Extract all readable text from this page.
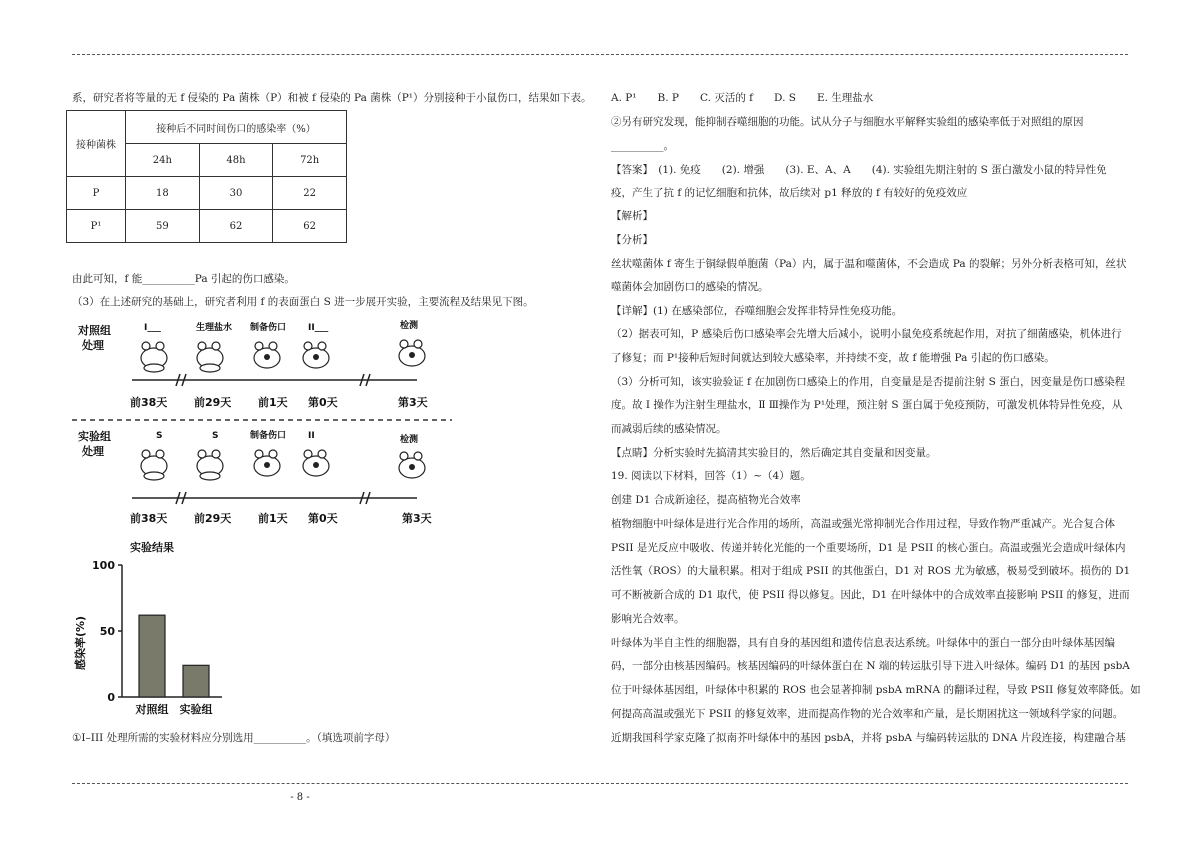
系，研究者将等量的无 f 侵染的 Pa 菌株（P）和被 f 侵染的 Pa 菌株（P¹）分别接种于小鼠伤口，结果如下表。
接种菌株	接种后不同时间伤口的感染率（%）		
	24h	48h	72h
P	18	30	22
P¹	59	62	62
由此可知，f 能__________Pa 引起的伤口感染。
（3）在上述研究的基础上，研究者利用 f 的表面蛋白 S 进一步展开实验，主要流程及结果见下图。
对照组
处理
I___	生理盐水 制备伤口 II___	检测
前38天 前29天 前1天 第0天	第3天
实验组
处理
S	S	制备伤口 II	检测
前38天 前29天 前1天 第0天	第3天
实验结果
感染率(%)
0
50
100
对照组 实验组
①I–III 处理所需的实验材料应分别选用__________。（填选项前字母）
A. P¹　　B. P　　C. 灭活的 f　　D. S　　E. 生理盐水
②另有研究发现，能抑制吞噬细胞的功能。试从分子与细胞水平解释实验组的感染率低于对照组的原因
__________。
【答案】　(1). 免疫　　(2). 增强　　(3). E、A、A　　(4). 实验组先期注射的 S 蛋白激发小鼠的特异性免
疫，产生了抗 f 的记忆细胞和抗体，故后续对 p1 释放的 f 有较好的免疫效应
【解析】
【分析】
丝状噬菌体 f 寄生于铜绿假单胞菌（Pa）内，属于温和噬菌体，不会造成 Pa 的裂解；另外分析表格可知，丝状
噬菌体会加剧伤口的感染的情况。
【详解】(1) 在感染部位，吞噬细胞会发挥非特异性免疫功能。
（2）据表可知，P 感染后伤口感染率会先增大后减小，说明小鼠免疫系统起作用，对抗了细菌感染，机体进行
了修复；而 P¹接种后短时间就达到较大感染率，并持续不变，故 f 能增强 Pa 引起的伤口感染。
（3）分析可知，该实验验证 f 在加剧伤口感染上的作用，自变量是是否提前注射 S 蛋白，因变量是伤口感染程
度。故 I 操作为注射生理盐水，Ⅱ Ⅲ操作为 P¹处理，预注射 S 蛋白属于免疫预防，可激发机体特异性免疫，从
而减弱后续的感染情况。
【点睛】分析实验时先搞清其实验目的，然后确定其自变量和因变量。
19. 阅读以下材料，回答（1）~（4）题。
创建 D1 合成新途径，提高植物光合效率
植物细胞中叶绿体是进行光合作用的场所，高温或强光常抑制光合作用过程，导致作物严重减产。光合复合体
PSII 是光反应中吸收、传递并转化光能的一个重要场所，D1 是 PSII 的核心蛋白。高温或强光会造成叶绿体内
活性氧（ROS）的大量积累。相对于组成 PSII 的其他蛋白，D1 对 ROS 尤为敏感，极易受到破坏。损伤的 D1
可不断被新合成的 D1 取代，使 PSII 得以修复。因此，D1 在叶绿体中的合成效率直接影响 PSII 的修复，进而
影响光合效率。
叶绿体为半自主性的细胞器，具有自身的基因组和遗传信息表达系统。叶绿体中的蛋白一部分由叶绿体基因编
码，一部分由核基因编码。核基因编码的叶绿体蛋白在 N 端的转运肽引导下进入叶绿体。编码 D1 的基因 psbA
位于叶绿体基因组，叶绿体中积累的 ROS 也会显著抑制 psbA mRNA 的翻译过程，导致 PSII 修复效率降低。如
何提高高温或强光下 PSII 的修复效率，进而提高作物的光合效率和产量，是长期困扰这一领域科学家的问题。
近期我国科学家克隆了拟南芥叶绿体中的基因 psbA，并将 psbA 与编码转运肽的 DNA 片段连接，构建融合基
- 8 -
